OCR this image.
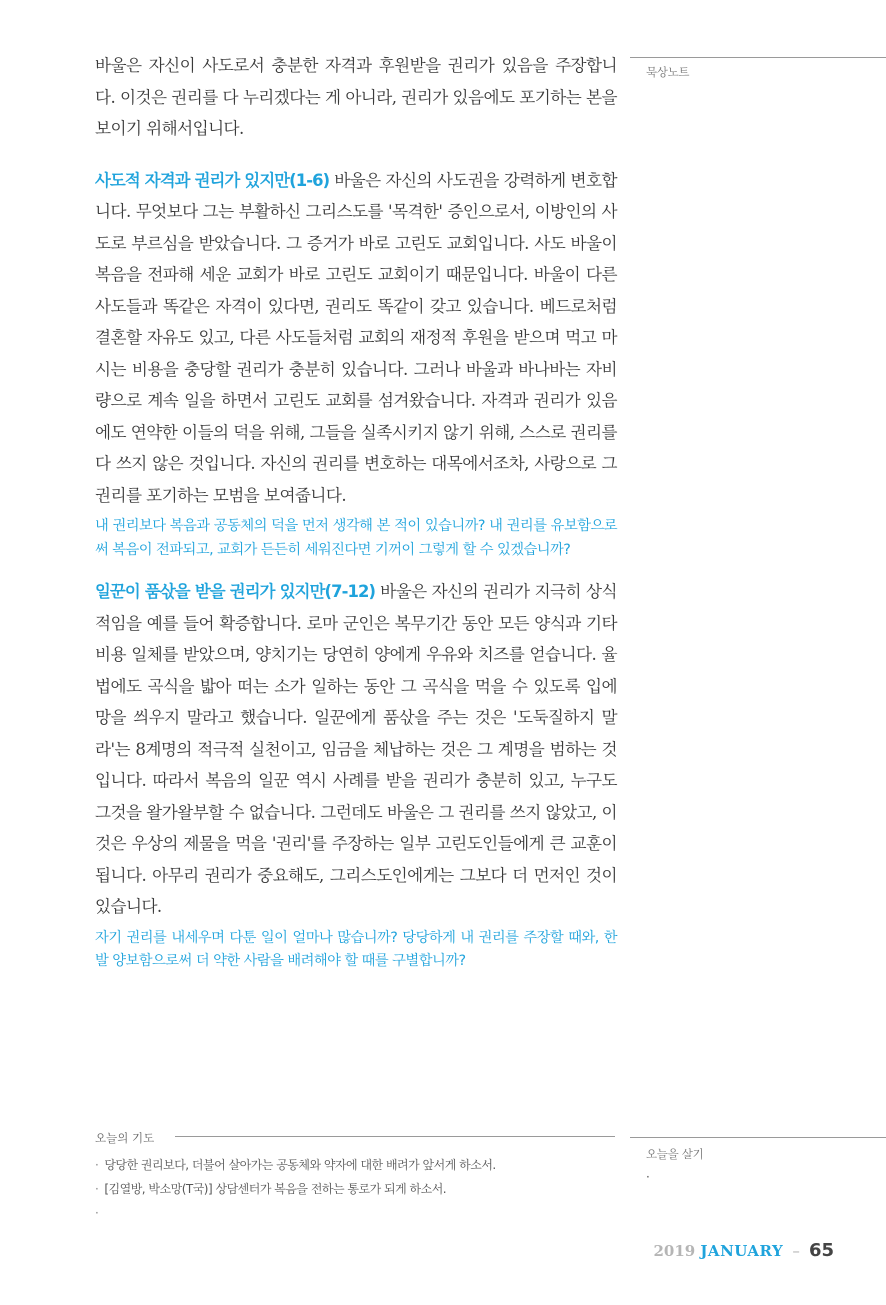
묵상노트

바울은 자신이 사도로서 충분한 자격과 후원받을 권리가 있음을 주장합니다. 이것은 권리를 다 누리겠다는 게 아니라, 권리가 있음에도 포기하는 본을 보이기 위해서입니다.

사도적 자격과 권리가 있지만(1-6) 바울은 자신의 사도권을 강력하게 변호합니다. 무엇보다 그는 부활하신 그리스도를 '목격한' 증인으로서, 이방인의 사도로 부르심을 받았습니다. 그 증거가 바로 고린도 교회입니다. 사도 바울이 복음을 전파해 세운 교회가 바로 고린도 교회이기 때문입니다. 바울이 다른 사도들과 똑같은 자격이 있다면, 권리도 똑같이 갖고 있습니다. 베드로처럼 결혼할 자유도 있고, 다른 사도들처럼 교회의 재정적 후원을 받으며 먹고 마시는 비용을 충당할 권리가 충분히 있습니다. 그러나 바울과 바나바는 자비량으로 계속 일을 하면서 고린도 교회를 섬겨왔습니다. 자격과 권리가 있음에도 연약한 이들의 덕을 위해, 그들을 실족시키지 않기 위해, 스스로 권리를 다 쓰지 않은 것입니다. 자신의 권리를 변호하는 대목에서조차, 사랑으로 그 권리를 포기하는 모범을 보여줍니다.

내 권리보다 복음과 공동체의 덕을 먼저 생각해 본 적이 있습니까? 내 권리를 유보함으로써 복음이 전파되고, 교회가 든든히 세워진다면 기꺼이 그렇게 할 수 있겠습니까?

일꾼이 품삯을 받을 권리가 있지만(7-12) 바울은 자신의 권리가 지극히 상식적임을 예를 들어 확증합니다. 로마 군인은 복무기간 동안 모든 양식과 기타 비용 일체를 받았으며, 양치기는 당연히 양에게 우유와 치즈를 얻습니다. 율법에도 곡식을 밟아 떠는 소가 일하는 동안 그 곡식을 먹을 수 있도록 입에 망을 씌우지 말라고 했습니다. 일꾼에게 품삯을 주는 것은 '도둑질하지 말라'는 8계명의 적극적 실천이고, 임금을 체납하는 것은 그 계명을 범하는 것입니다. 따라서 복음의 일꾼 역시 사례를 받을 권리가 충분히 있고, 누구도 그것을 왈가왈부할 수 없습니다. 그런데도 바울은 그 권리를 쓰지 않았고, 이것은 우상의 제물을 먹을 '권리'를 주장하는 일부 고린도인들에게 큰 교훈이 됩니다. 아무리 권리가 중요해도, 그리스도인에게는 그보다 더 먼저인 것이 있습니다.

자기 권리를 내세우며 다툰 일이 얼마나 많습니까? 당당하게 내 권리를 주장할 때와, 한발 양보함으로써 더 약한 사람을 배려해야 할 때를 구별합니까?

오늘의 기도
· 당당한 권리보다, 더불어 살아가는 공동체와 약자에 대한 배려가 앞서게 하소서.
· [김열방, 박소망(T국)] 상담센터가 복음을 전하는 통로가 되게 하소서.
·
오늘을 살기
·
2019 JANUARY – 65
